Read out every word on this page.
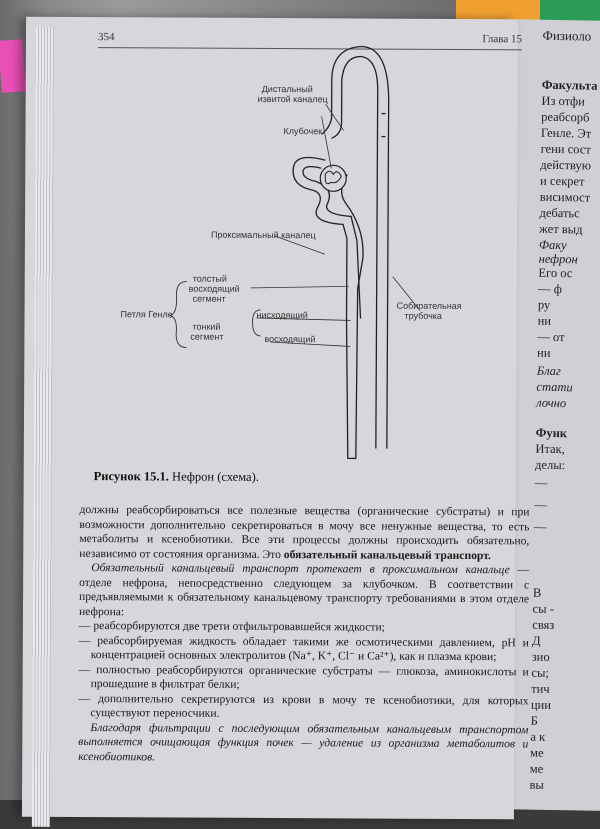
Физиоло
Факульта
Из отфи
реабсорб
Генле. Эт
гени сост
действую
и секрет
висимост
дебатьс
жет выд
Факу
нефрон
Его ос
— ф
ру
ни
— от
ни
Благ
стати
лочно
Функ
Итак,
делы:
—
—
—
В
сы -
связ
Д
зио
сы;
тич
ции
Б
а к
ме
ме
вы
354	Глава 15
Дистальный
извитой каналец
Клубочек
Проксимальный каналец
толстый
восходящий
сегмент
Петля Генле	нисходящий
тонкий
сегмент	восходящий
Собирательная
трубочка
Рисунок 15.1. Нефрон (схема).

должны реабсорбироваться все полезные вещества (органические субстраты) и при возможности дополнительно секретироваться в мочу все ненужные вещества, то есть метаболиты и ксенобиотики. Все эти процессы должны происходить обязательно, независимо от состояния организма. Это обязательный канальцевый транспорт.

Обязательный канальцевый транспорт протекает в проксимальном канальце — отделе нефрона, непосредственно следующем за клубочком. В соответствии с предъявляемыми к обязательному канальцевому транспорту требованиями в этом отделе нефрона:

— реабсорбируются две трети отфильтровавшейся жидкости;

— реабсорбируемая жидкость обладает такими же осмотическими давлением, pH и концентрацией основных электролитов (Na⁺, K⁺, Cl⁻ и Ca²⁺), как и плазма крови;

— полностью реабсорбируются органические субстраты — глюкоза, аминокислоты и прошедшие в фильтрат белки;

— дополнительно секретируются из крови в мочу те ксенобиотики, для которых существуют переносчики.

Благодаря фильтрации с последующим обязательным канальцевым транспортом выполняется очищающая функция почек — удаление из организма метаболитов и ксенобиотиков.
